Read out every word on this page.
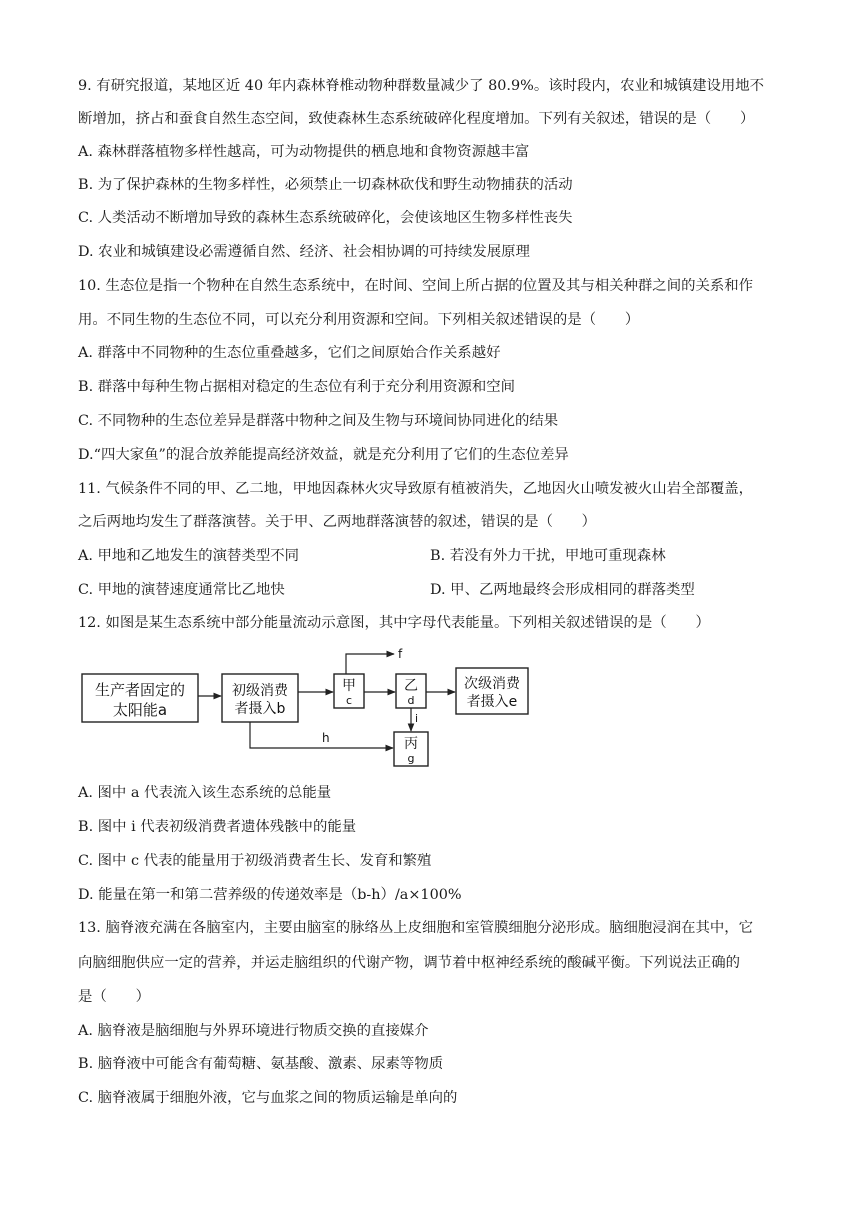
9. 有研究报道，某地区近 40 年内森林脊椎动物种群数量减少了 80.9%。该时段内，农业和城镇建设用地不
断增加，挤占和蚕食自然生态空间，致使森林生态系统破碎化程度增加。下列有关叙述，错误的是（　　）
A. 森林群落植物多样性越高，可为动物提供的栖息地和食物资源越丰富
B. 为了保护森林的生物多样性，必须禁止一切森林砍伐和野生动物捕获的活动
C. 人类活动不断增加导致的森林生态系统破碎化，会使该地区生物多样性丧失
D. 农业和城镇建设必需遵循自然、经济、社会相协调的可持续发展原理
10. 生态位是指一个物种在自然生态系统中，在时间、空间上所占据的位置及其与相关种群之间的关系和作
用。不同生物的生态位不同，可以充分利用资源和空间。下列相关叙述错误的是（　　）
A. 群落中不同物种的生态位重叠越多，它们之间原始合作关系越好
B. 群落中每种生物占据相对稳定的生态位有利于充分利用资源和空间
C. 不同物种的生态位差异是群落中物种之间及生物与环境间协同进化的结果
D.“四大家鱼”的混合放养能提高经济效益，就是充分利用了它们的生态位差异
11. 气候条件不同的甲、乙二地，甲地因森林火灾导致原有植被消失，乙地因火山喷发被火山岩全部覆盖，
之后两地均发生了群落演替。关于甲、乙两地群落演替的叙述，错误的是（　　）
A. 甲地和乙地发生的演替类型不同	B. 若没有外力干扰，甲地可重现森林
C. 甲地的演替速度通常比乙地快	D. 甲、乙两地最终会形成相同的群落类型
12. 如图是某生态系统中部分能量流动示意图，其中字母代表能量。下列相关叙述错误的是（　　）
生产者固定的
太阳能a
初级消费
者摄入b
甲
c
乙
d
丙
g
次级消费
者摄入e
f
i
h
A. 图中 a 代表流入该生态系统的总能量
B. 图中 i 代表初级消费者遗体残骸中的能量
C. 图中 c 代表的能量用于初级消费者生长、发育和繁殖
D. 能量在第一和第二营养级的传递效率是（b-h）/a×100%
13. 脑脊液充满在各脑室内，主要由脑室的脉络丛上皮细胞和室管膜细胞分泌形成。脑细胞浸润在其中，它
向脑细胞供应一定的营养，并运走脑组织的代谢产物，调节着中枢神经系统的酸碱平衡。下列说法正确的
是（　　）
A. 脑脊液是脑细胞与外界环境进行物质交换的直接媒介
B. 脑脊液中可能含有葡萄糖、氨基酸、激素、尿素等物质
C. 脑脊液属于细胞外液，它与血浆之间的物质运输是单向的
